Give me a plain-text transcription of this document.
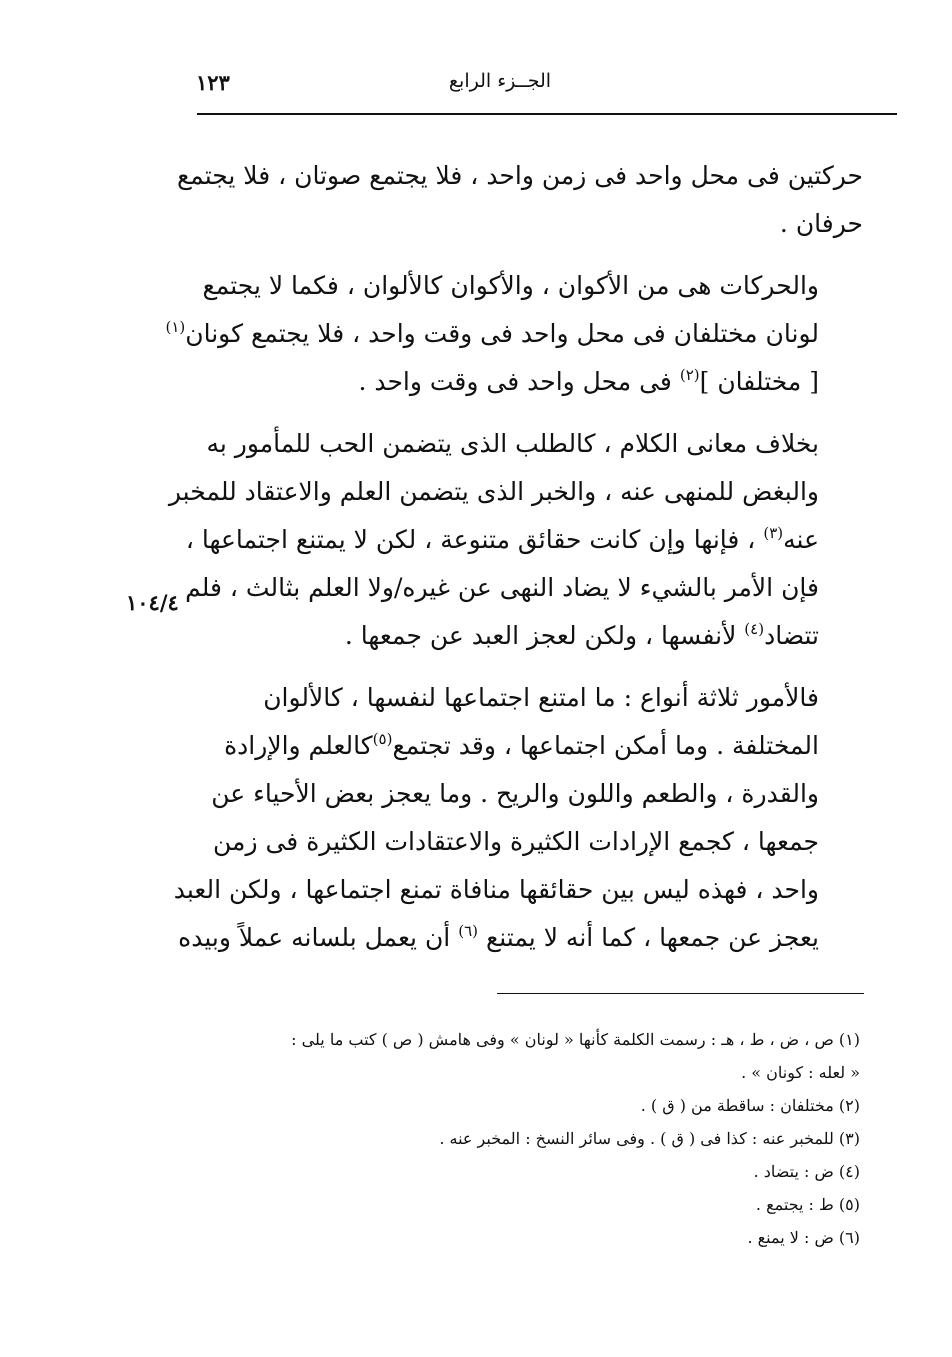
الجــزء الرابع
١٢٣
١٠٤/٤

حركتين فى محل واحد فى زمن واحد ، فلا يجتمع صوتان ، فلا يجتمع
حرفان .

والحركات هى من الأكوان ، والأكوان كالألوان ، فكما لا يجتمع
لونان مختلفان فى محل واحد فى وقت واحد ، فلا يجتمع كونان$^{(١)}$
[ مختلفان ]$^{(٢)}$ فى محل واحد فى وقت واحد .

بخلاف معانى الكلام ، كالطلب الذى يتضمن الحب للمأمور به
والبغض للمنهى عنه ، والخبر الذى يتضمن العلم والاعتقاد للمخبر
عنه$^{(٣)}$ ، فإنها وإن كانت حقائق متنوعة ، لكن لا يمتنع اجتماعها ،
فإن الأمر بالشيء لا يضاد النهى عن غيره/ولا العلم بثالث ، فلم
تتضاد$^{(٤)}$ لأنفسها ، ولكن لعجز العبد عن جمعها .

فالأمور ثلاثة أنواع : ما امتنع اجتماعها لنفسها ، كالألوان
المختلفة . وما أمكن اجتماعها ، وقد تجتمع$^{(٥)}$كالعلم والإرادة
والقدرة ، والطعم واللون والريح . وما يعجز بعض الأحياء عن
جمعها ، كجمع الإرادات الكثيرة والاعتقادات الكثيرة فى زمن
واحد ، فهذه ليس بين حقائقها منافاة تمنع اجتماعها ، ولكن العبد
يعجز عن جمعها ، كما أنه لا يمتنع $^{(٦)}$ أن يعمل بلسانه عملاً وبيده

(١) ص ، ض ، ط ، هـ : رسمت الكلمة كأنها « لونان » وفى هامش ( ص ) كتب ما يلى :
« لعله : كونان » .
(٢) مختلفان : ساقطة من ( ق ) .
(٣) للمخبر عنه : كذا فى ( ق ) . وفى سائر النسخ : المخبر عنه .
(٤) ض : يتضاد .
(٥) ط : يجتمع .
(٦) ض : لا يمنع .
